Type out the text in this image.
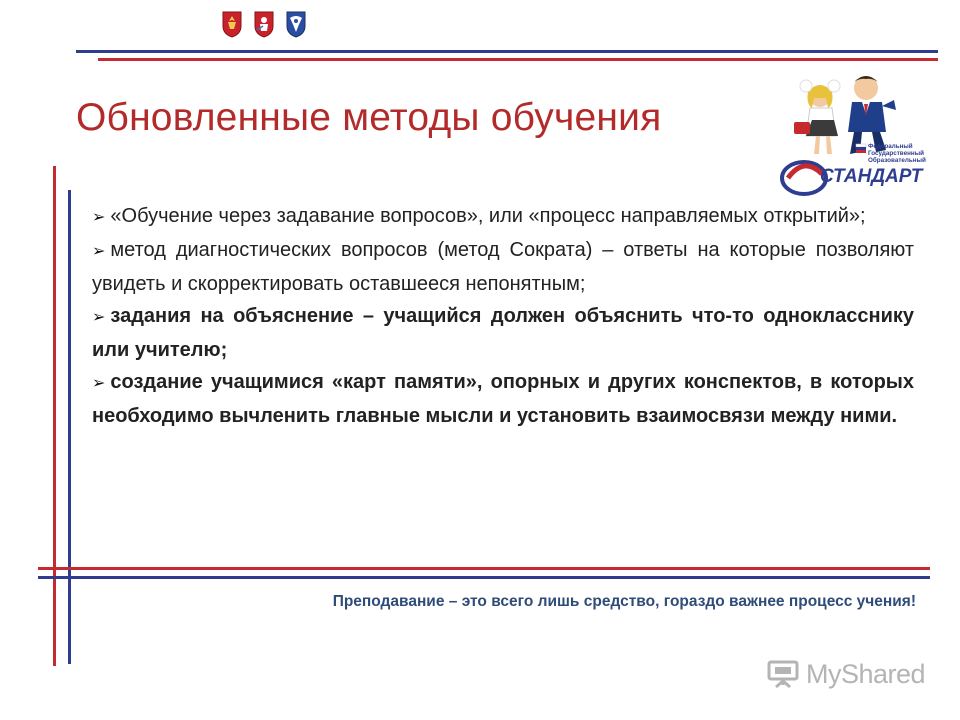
Обновленные методы обучения
Федеральный
Государственный
Образовательный
СТАНДАРТ

➢ «Обучение через задавание вопросов», или «процесс направляемых открытий»;

➢ метод диагностических вопросов (метод Сократа) – ответы на которые позволяют увидеть и скорректировать оставшееся непонятным;

➢ задания на объяснение – учащийся должен объяснить что-то однокласснику или учителю;

➢ создание учащимися «карт памяти», опорных и других конспектов, в которых необходимо вычленить главные мысли и установить взаимосвязи между ними.

Преподавание – это всего лишь средство, гораздо важнее процесс учения!
MyShared
